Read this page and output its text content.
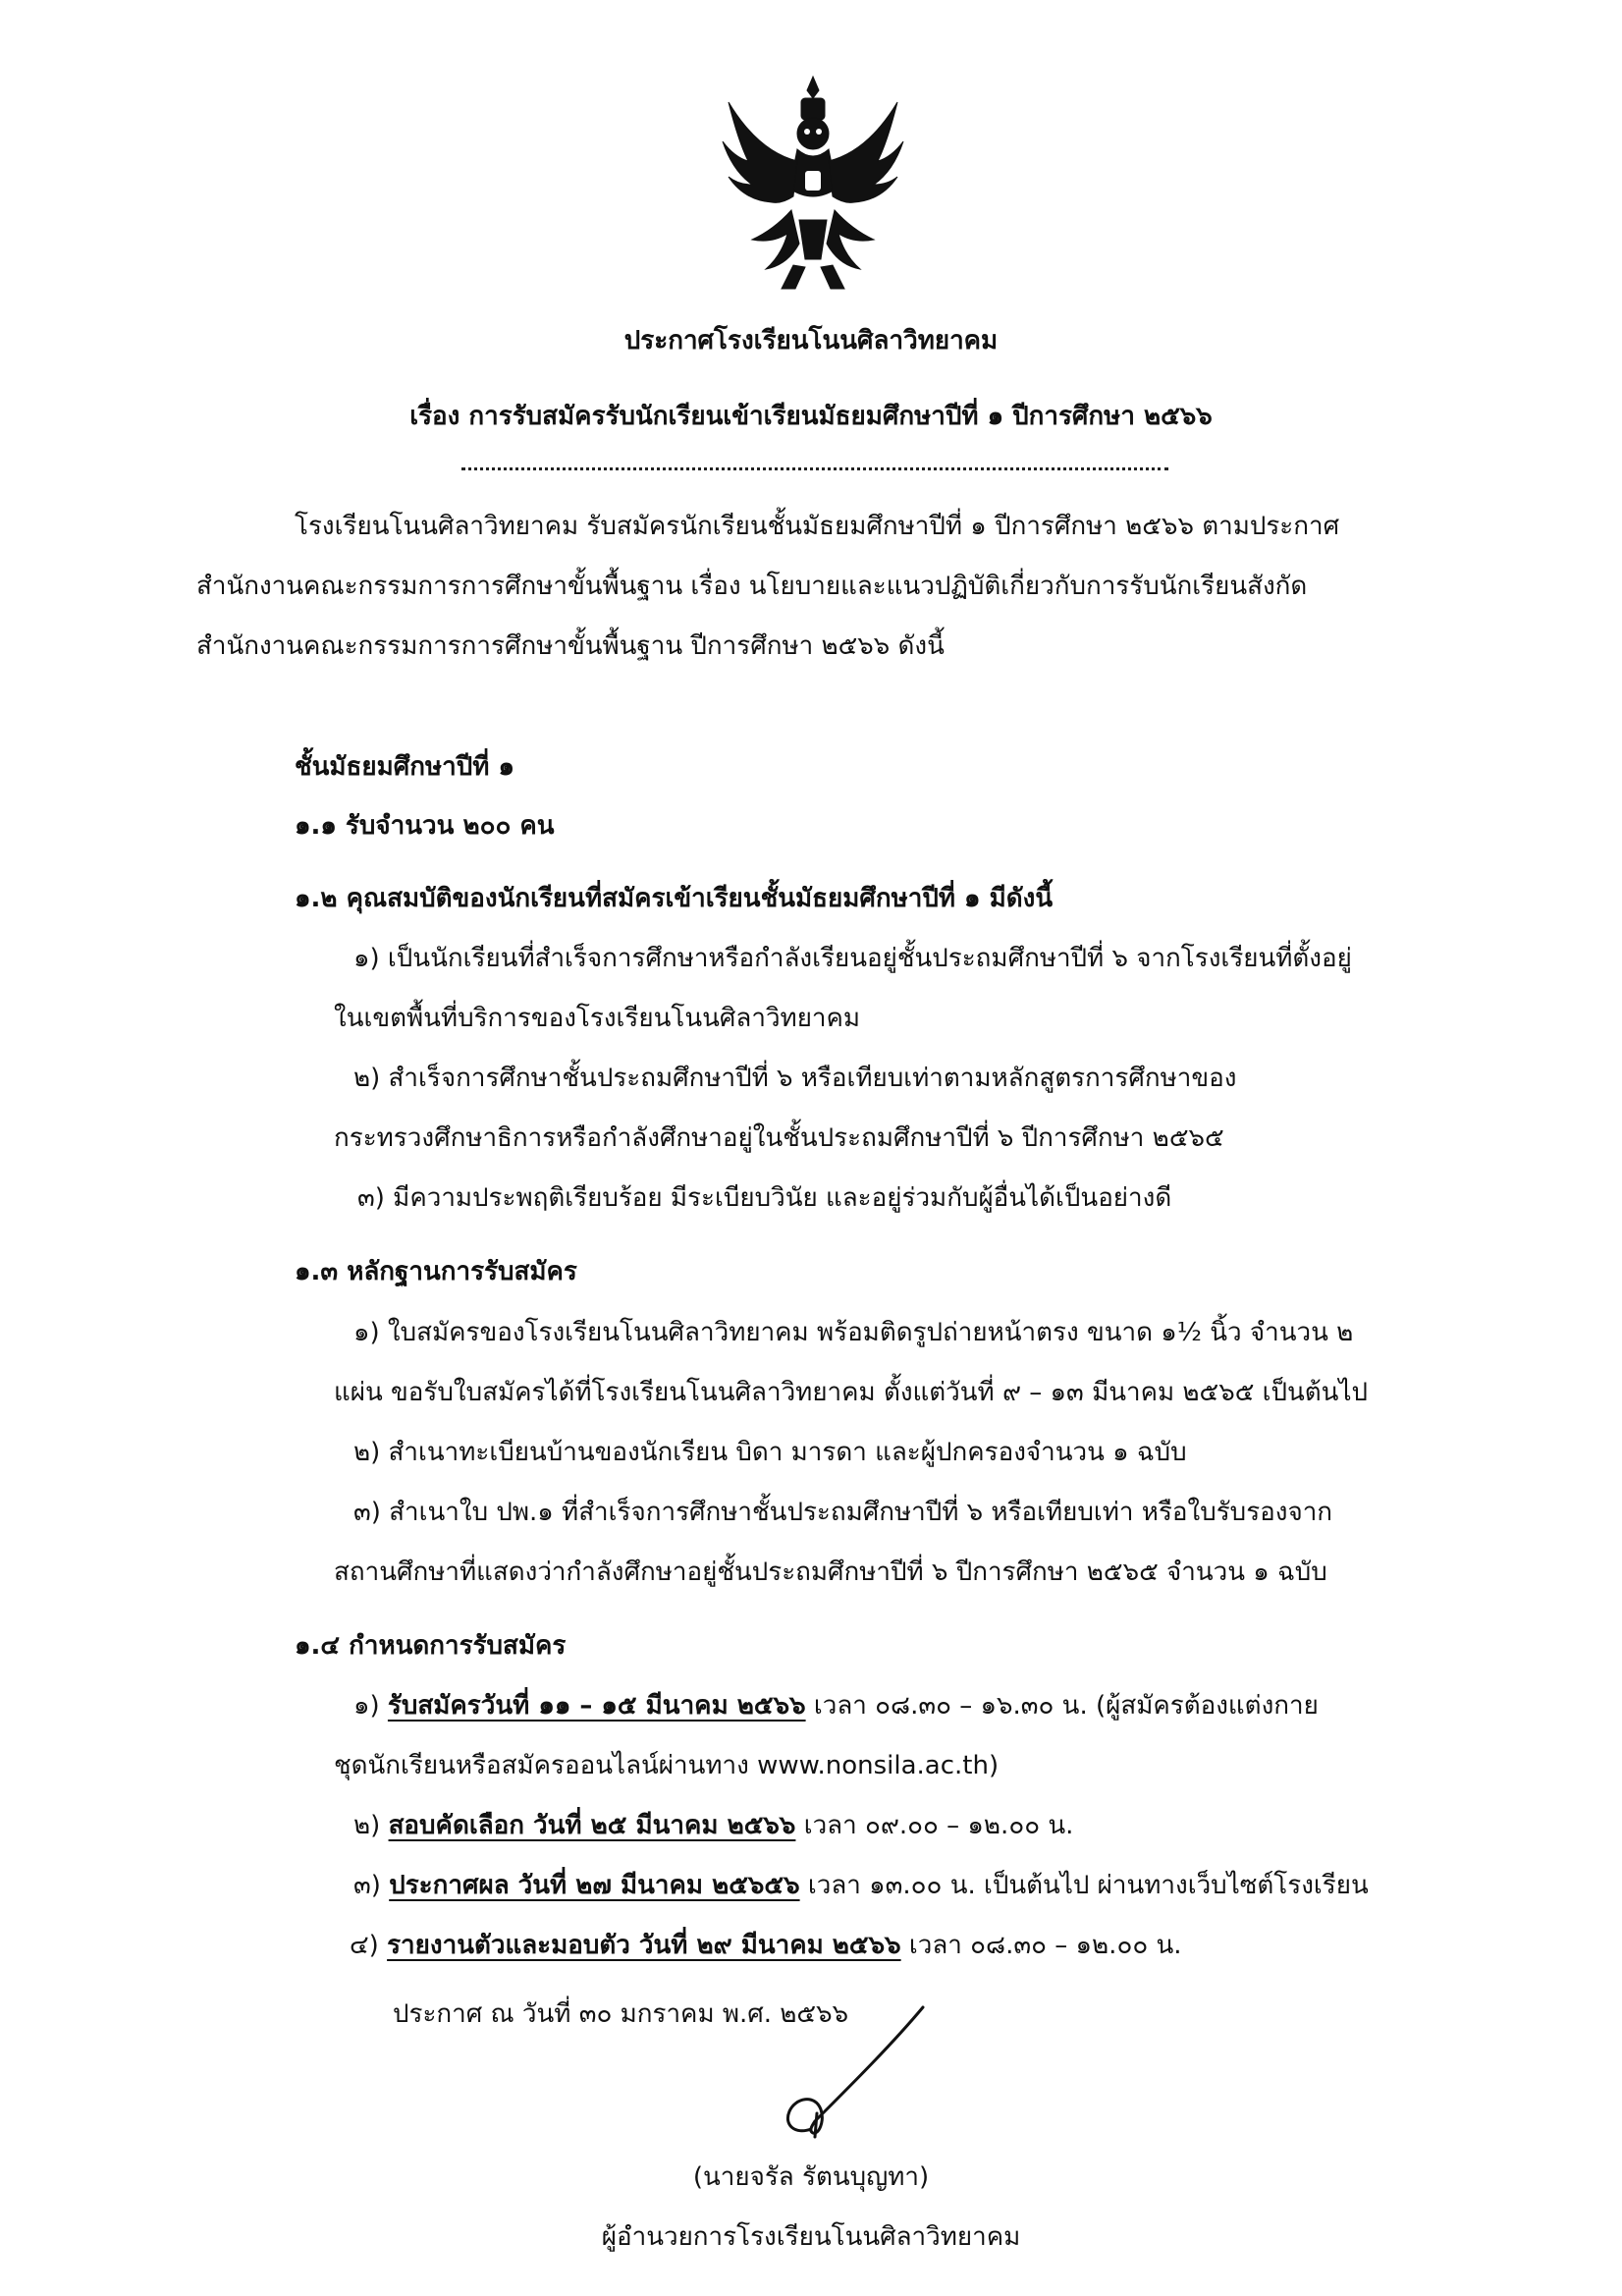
ประกาศโรงเรียนโนนศิลาวิทยาคม
เรื่อง การรับสมัครรับนักเรียนเข้าเรียนมัธยมศึกษาปีที่ ๑ ปีการศึกษา ๒๕๖๖
โรงเรียนโนนศิลาวิทยาคม รับสมัครนักเรียนชั้นมัธยมศึกษาปีที่ ๑ ปีการศึกษา ๒๕๖๖ ตามประกาศ
สำนักงานคณะกรรมการการศึกษาขั้นพื้นฐาน เรื่อง นโยบายและแนวปฏิบัติเกี่ยวกับการรับนักเรียนสังกัด
สำนักงานคณะกรรมการการศึกษาขั้นพื้นฐาน ปีการศึกษา ๒๕๖๖ ดังนี้
ชั้นมัธยมศึกษาปีที่ ๑
๑.๑ รับจำนวน ๒๐๐ คน
๑.๒ คุณสมบัติของนักเรียนที่สมัครเข้าเรียนชั้นมัธยมศึกษาปีที่ ๑ มีดังนี้
๑) เป็นนักเรียนที่สำเร็จการศึกษาหรือกำลังเรียนอยู่ชั้นประถมศึกษาปีที่ ๖ จากโรงเรียนที่ตั้งอยู่
ในเขตพื้นที่บริการของโรงเรียนโนนศิลาวิทยาคม
๒) สำเร็จการศึกษาชั้นประถมศึกษาปีที่ ๖ หรือเทียบเท่าตามหลักสูตรการศึกษาของ
กระทรวงศึกษาธิการหรือกำลังศึกษาอยู่ในชั้นประถมศึกษาปีที่ ๖ ปีการศึกษา ๒๕๖๕
๓) มีความประพฤติเรียบร้อย มีระเบียบวินัย และอยู่ร่วมกับผู้อื่นได้เป็นอย่างดี
๑.๓ หลักฐานการรับสมัคร
๑) ใบสมัครของโรงเรียนโนนศิลาวิทยาคม พร้อมติดรูปถ่ายหน้าตรง ขนาด ๑½ นิ้ว จำนวน ๒
แผ่น ขอรับใบสมัครได้ที่โรงเรียนโนนศิลาวิทยาคม ตั้งแต่วันที่ ๙ – ๑๓ มีนาคม ๒๕๖๕ เป็นต้นไป
๒) สำเนาทะเบียนบ้านของนักเรียน บิดา มารดา และผู้ปกครองจำนวน ๑ ฉบับ
๓) สำเนาใบ ปพ.๑ ที่สำเร็จการศึกษาชั้นประถมศึกษาปีที่ ๖ หรือเทียบเท่า หรือใบรับรองจาก
สถานศึกษาที่แสดงว่ากำลังศึกษาอยู่ชั้นประถมศึกษาปีที่ ๖ ปีการศึกษา ๒๕๖๕ จำนวน ๑ ฉบับ
๑.๔ กำหนดการรับสมัคร
๑) รับสมัครวันที่ ๑๑ – ๑๕ มีนาคม ๒๕๖๖ เวลา ๐๘.๓๐ – ๑๖.๓๐ น. (ผู้สมัครต้องแต่งกาย
ชุดนักเรียนหรือสมัครออนไลน์ผ่านทาง www.nonsila.ac.th)
๒) สอบคัดเลือก วันที่ ๒๕ มีนาคม ๒๕๖๖ เวลา ๐๙.๐๐ – ๑๒.๐๐ น.
๓) ประกาศผล วันที่ ๒๗ มีนาคม ๒๕๖๕๖ เวลา ๑๓.๐๐ น. เป็นต้นไป ผ่านทางเว็บไซต์โรงเรียน
๔) รายงานตัวและมอบตัว วันที่ ๒๙ มีนาคม ๒๕๖๖ เวลา ๐๘.๓๐ – ๑๒.๐๐ น.
ประกาศ ณ วันที่ ๓๐ มกราคม พ.ศ. ๒๕๖๖
(นายจรัล รัตนบุญทา)
ผู้อำนวยการโรงเรียนโนนศิลาวิทยาคม
